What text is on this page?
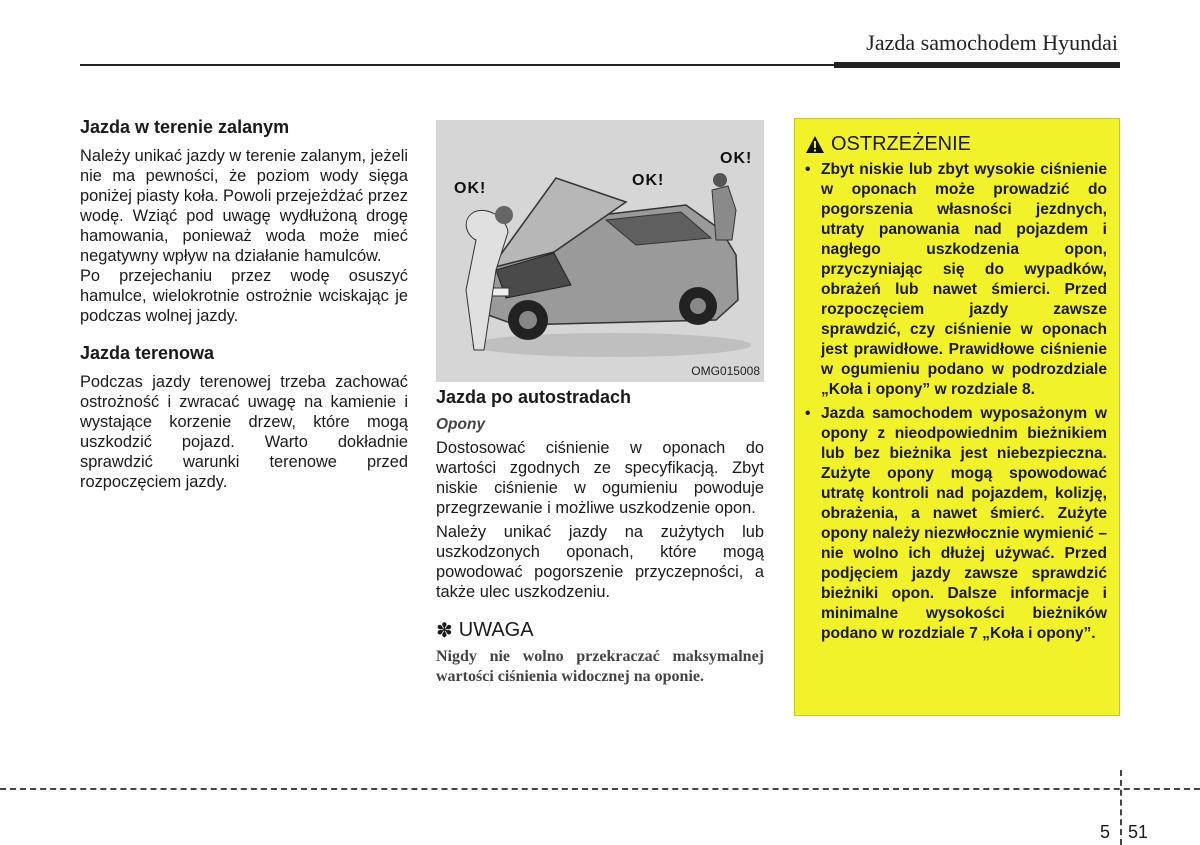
Jazda samochodem Hyundai
Jazda w terenie zalanym

Należy unikać jazdy w terenie zalanym, jeżeli nie ma pewności, że poziom wody sięga poniżej piasty koła. Powoli przejeżdżać przez wodę. Wziąć pod uwagę wydłużoną drogę hamowania, ponieważ woda może mieć negatywny wpływ na działanie hamulców.

Po przejechaniu przez wodę osuszyć hamulce, wielokrotnie ostrożnie wciskając je podczas wolnej jazdy.

Jazda terenowa

Podczas jazdy terenowej trzeba zachować ostrożność i zwracać uwagę na kamienie i wystające korzenie drzew, które mogą uszkodzić pojazd. Warto dokładnie sprawdzić warunki terenowe przed rozpoczęciem jazdy.

OK!	OK!
OK!
OMG015008
Jazda po autostradach
Opony

Dostosować ciśnienie w oponach do wartości zgodnych ze specyfikacją. Zbyt niskie ciśnienie w ogumieniu powoduje przegrzewanie i możliwe uszkodzenie opon.

Należy unikać jazdy na zużytych lub uszkodzonych oponach, które mogą powodować pogorszenie przyczepności, a także ulec uszkodzeniu.

✽ UWAGA
Nigdy nie wolno przekraczać maksymalnej wartości ciśnienia widocznej na oponie.
OSTRZEŻENIE
• Zbyt niskie lub zbyt wysokie ciśnienie w oponach może prowadzić do pogorszenia własności jezdnych, utraty panowania nad pojazdem i nagłego uszkodzenia opon, przyczyniając się do wypadków, obrażeń lub nawet śmierci. Przed rozpoczęciem jazdy zawsze sprawdzić, czy ciśnienie w oponach jest prawidłowe. Prawidłowe ciśnienie w ogumieniu podano w podrozdziale „Koła i opony” w rozdziale 8.
• Jazda samochodem wyposażonym w opony z nieodpowiednim bieżnikiem lub bez bieżnika jest niebezpieczna. Zużyte opony mogą spowodować utratę kontroli nad pojazdem, kolizję, obrażenia, a nawet śmierć. Zużyte opony należy niezwłocznie wymienić – nie wolno ich dłużej używać. Przed podjęciem jazdy zawsze sprawdzić bieżniki opon. Dalsze informacje i minimalne wysokości bieżników podano w rozdziale 7 „Koła i opony”.
5 51
